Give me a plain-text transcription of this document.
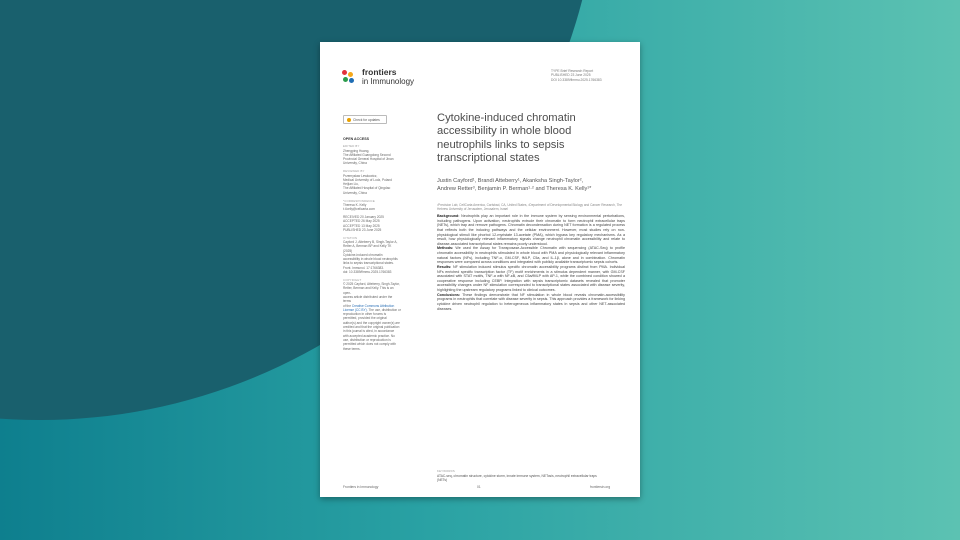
frontiers
in Immunology
TYPE Brief Research Report
PUBLISHED 23 June 2025
DOI 10.3389/fimmu.2025.1766383
Check for updates
OPEN ACCESS
EDITED BY
Zhengping Huang,
The Affiliated Guangdong Second
Provincial General Hospital of Jinan
University, China
REVIEWED BY
Przemysław Lewkowicz,
Medical University of Lodz, Poland
Heijian Liu,
The Affiliated Hospital of Qingdao
University, China
*CORRESPONDENCE
Theresa K. Kelly
t.t.kelly@cellcarta.com
RECEIVED 20 January 2025
ACCEPTED 26 May 2025
ACCEPTED 13 May 2025
PUBLISHED 23 June 2025
CITATION
Cayford J, Atteberry B, Singh-Taylor A,
Retter A, Berman BP and Kelly TK (2025)
Cytokine-induced chromatin
accessibility in whole blood neutrophils
links to sepsis transcriptional states.
Front. Immunol. 17:1766383.
doi: 10.3389/fimmu.2025.1766383
COPYRIGHT
© 2025 Cayford, Atteberry, Singh-Taylor,
Retter, Berman and Kelly. This is an open-
access article distributed under the terms
of the Creative Commons Attribution
License (CC BY). The use, distribution or
reproduction in other forums is
permitted, provided the original
author(s) and the copyright owner(s) are
credited and that the original publication
in this journal is cited, in accordance
with accepted academic practice. No
use, distribution or reproduction is
permitted which does not comply with
these terms.
Cytokine-induced chromatin
accessibility in whole blood
neutrophils links to sepsis
transcriptional states
Justin Cayford¹, Brandi Atteberry¹, Akanksha Singh-Taylor²,
Andrew Retter³, Benjamin P. Berman¹·² and Theresa K. Kelly¹*
¹Precision Lab, CellCarta America, Carlsbad, CA, United States, ²Department of Developmental Biology and Cancer Research, The Hebrew University of Jerusalem, Jerusalem, Israel

Background: Neutrophils play an important role in the immune system by sensing environmental perturbations, including pathogens. Upon activation, neutrophils extrude their chromatin to form neutrophil extracellular traps (NETs), which trap and remove pathogens. Chromatin decondensation during NET formation is a regulated process that reflects both the inducing pathways and the cellular environment. However, most studies rely on non-physiological stimuli like phorbol 12-myristate 13-acetate (PMA), which bypass key regulatory mechanisms. As a result, how physiologically relevant inflammatory signals change neutrophil chromatin accessibility and relate to disease-associated transcriptional states remains poorly understood.

Methods: We used the Assay for Transposase-Accessible Chromatin with sequencing (ATAC-Seq) to profile chromatin accessibility in neutrophils stimulated in whole blood with PMA and physiologically relevant inflammatory natural factors (NFs), including TNF-α, GM-CSF, fMLP, C5a, and IL-1β, alone and in combination. Chromatin responses were compared across conditions and integrated with publicly available transcriptomic sepsis cohorts.

Results: NF stimulation induced stimulus specific chromatin accessibility programs distinct from PMA. Individual NFs enriched specific transcription factor (TF) motif enrichments in a stimulus dependent manner, with GM-CSF associated with STAT motifs, TNF-α with NF-κB, and C5a/fMLP with AP-1, while the combined condition showed a cooperative response including CEBP. Integration with sepsis transcriptomic datasets revealed that promoter accessibility changes under NF stimulation corresponded to transcriptional states associated with disease severity, highlighting the upstream regulatory programs linked to clinical outcomes.

Conclusions: These findings demonstrate that NF stimulation in whole blood reveals chromatin-accessibility programs in neutrophils that correlate with disease severity in sepsis. This approach provides a framework for linking cytokine driven neutrophil regulation to heterogeneous inflammatory states in sepsis and other NET-associated diseases.

KEYWORDS
ATAC-seq, chromatin structure, cytokine storm, innate immune system, NETosis, neutrophil extracellular traps (NETs)
Frontiers in Immunology	01	frontiersin.org
